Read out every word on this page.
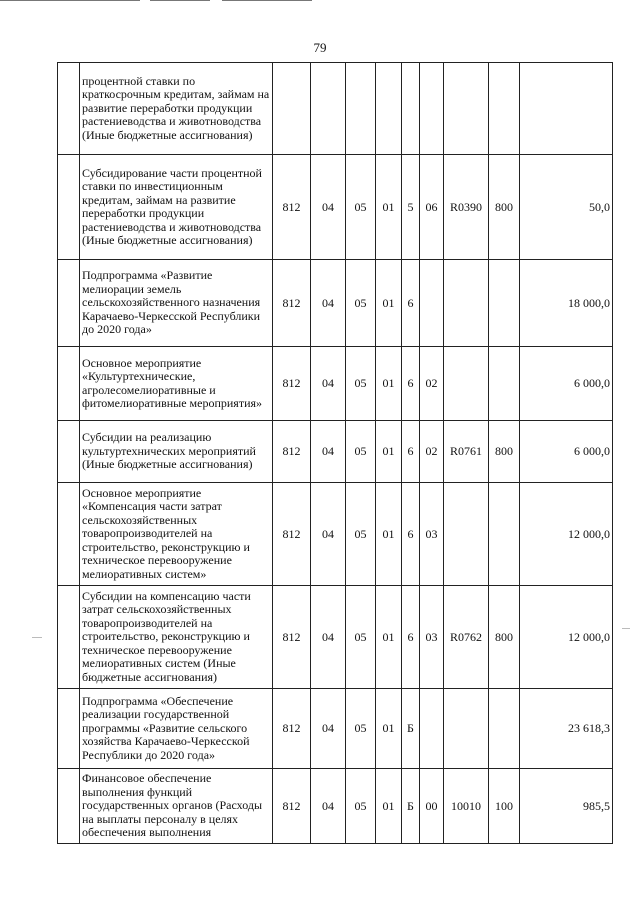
79
	процентной ставки по краткосрочным кредитам, займам на развитие переработки продукции растениеводства и животноводства (Иные бюджетные ассигнования)									
	Субсидирование части процентной ставки по инвестиционным кредитам, займам на развитие переработки продукции растениеводства и животноводства (Иные бюджетные ассигнования)	812	04	05	01	5	06	R0390	800	50,0
	Подпрограмма «Развитие мелиорации земель сельскохозяйственного назначения Карачаево-Черкесской Республики до 2020 года»	812	04	05	01	6				18 000,0
	Основное мероприятие «Культуртехнические, агролесомелиоративные и фитомелиоративные мероприятия»	812	04	05	01	6	02			6 000,0
	Субсидии на реализацию культуртехнических мероприятий (Иные бюджетные ассигнования)	812	04	05	01	6	02	R0761	800	6 000,0
	Основное мероприятие «Компенсация части затрат сельскохозяйственных товаропроизводителей на строительство, реконструкцию и техническое перевооружение мелиоративных систем»	812	04	05	01	6	03			12 000,0
	Субсидии на компенсацию части затрат сельскохозяйственных товаропроизводителей на строительство, реконструкцию и техническое перевооружение мелиоративных систем (Иные бюджетные ассигнования)	812	04	05	01	6	03	R0762	800	12 000,0
	Подпрограмма «Обеспечение реализации государственной программы «Развитие сельского хозяйства Карачаево-Черкесской Республики до 2020 года»	812	04	05	01	Б				23 618,3
	Финансовое обеспечение выполнения функций государственных органов (Расходы на выплаты персоналу в целях обеспечения выполнения	812	04	05	01	Б	00	10010	100	985,5
